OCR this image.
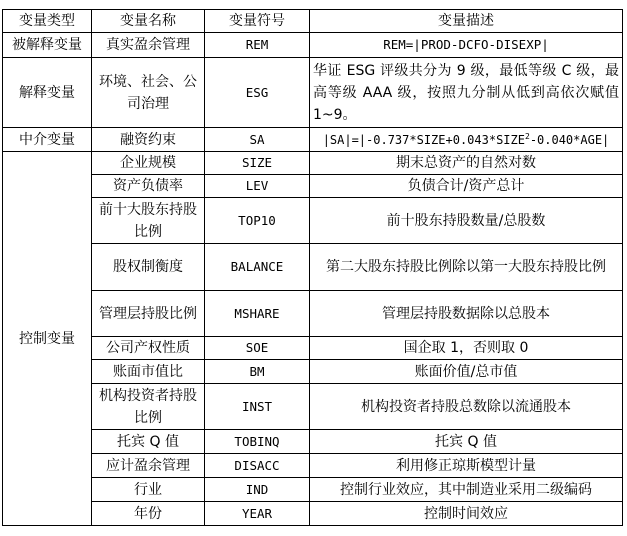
变量类型	变量名称	变量符号	变量描述
被解释变量	真实盈余管理	REM	REM=|PROD-DCFO-DISEXP|
解释变量	环境、社会、公司治理	ESG	华证 ESG 评级共分为 9 级，最低等级 C 级，最高等级 AAA 级，按照九分制从低到高依次赋值 1~9。
中介变量	融资约束	SA	$|SA|=|-0.737*SIZE+0.043*SIZE^2-0.040*AGE|$
控制变量	企业规模	SIZE	期末总资产的自然对数
	资产负债率	LEV	负债合计/资产总计
	前十大股东持股比例	TOP10	前十股东持股数量/总股数
	股权制衡度	BALANCE	第二大股东持股比例除以第一大股东持股比例
	管理层持股比例	MSHARE	管理层持股数据除以总股本
	公司产权性质	SOE	国企取 1，否则取 0
	账面市值比	BM	账面价值/总市值
	机构投资者持股比例	INST	机构投资者持股总数除以流通股本
	托宾 Q 值	TOBINQ	托宾 Q 值
	应计盈余管理	DISACC	利用修正琼斯模型计量
	行业	IND	控制行业效应，其中制造业采用二级编码
	年份	YEAR	控制时间效应
